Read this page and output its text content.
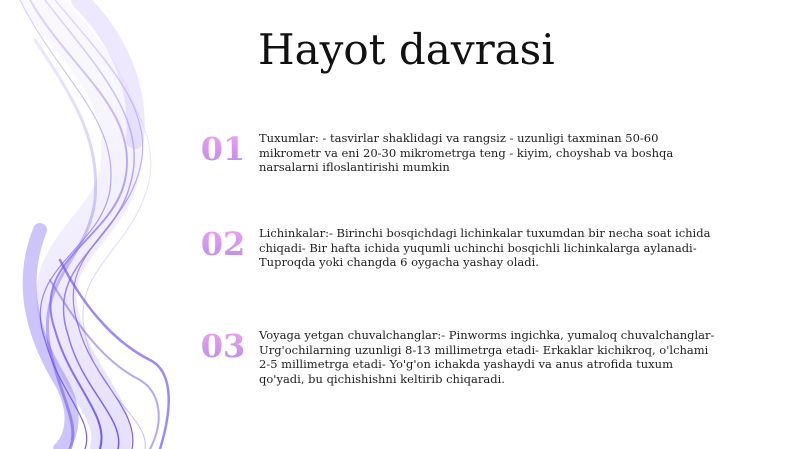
Hayot davrasi
01	Tuxumlar: - tasvirlar shaklidagi va rangsiz - uzunligi taxminan 50-60 mikrometr va eni 20-30 mikrometrga teng - kiyim, choyshab va boshqa narsalarni ifloslantirishi mumkin
02	Lichinkalar:- Birinchi bosqichdagi lichinkalar tuxumdan bir necha soat ichida chiqadi- Bir hafta ichida yuqumli uchinchi bosqichli lichinkalarga aylanadi- Tuproqda yoki changda 6 oygacha yashay oladi.
03	Voyaga yetgan chuvalchanglar:- Pinworms ingichka, yumaloq chuvalchanglar- Urg'ochilarning uzunligi 8-13 millimetrga etadi- Erkaklar kichikroq, o'lchami 2-5 millimetrga etadi- Yo'g'on ichakda yashaydi va anus atrofida tuxum qo'yadi, bu qichishishni keltirib chiqaradi.
